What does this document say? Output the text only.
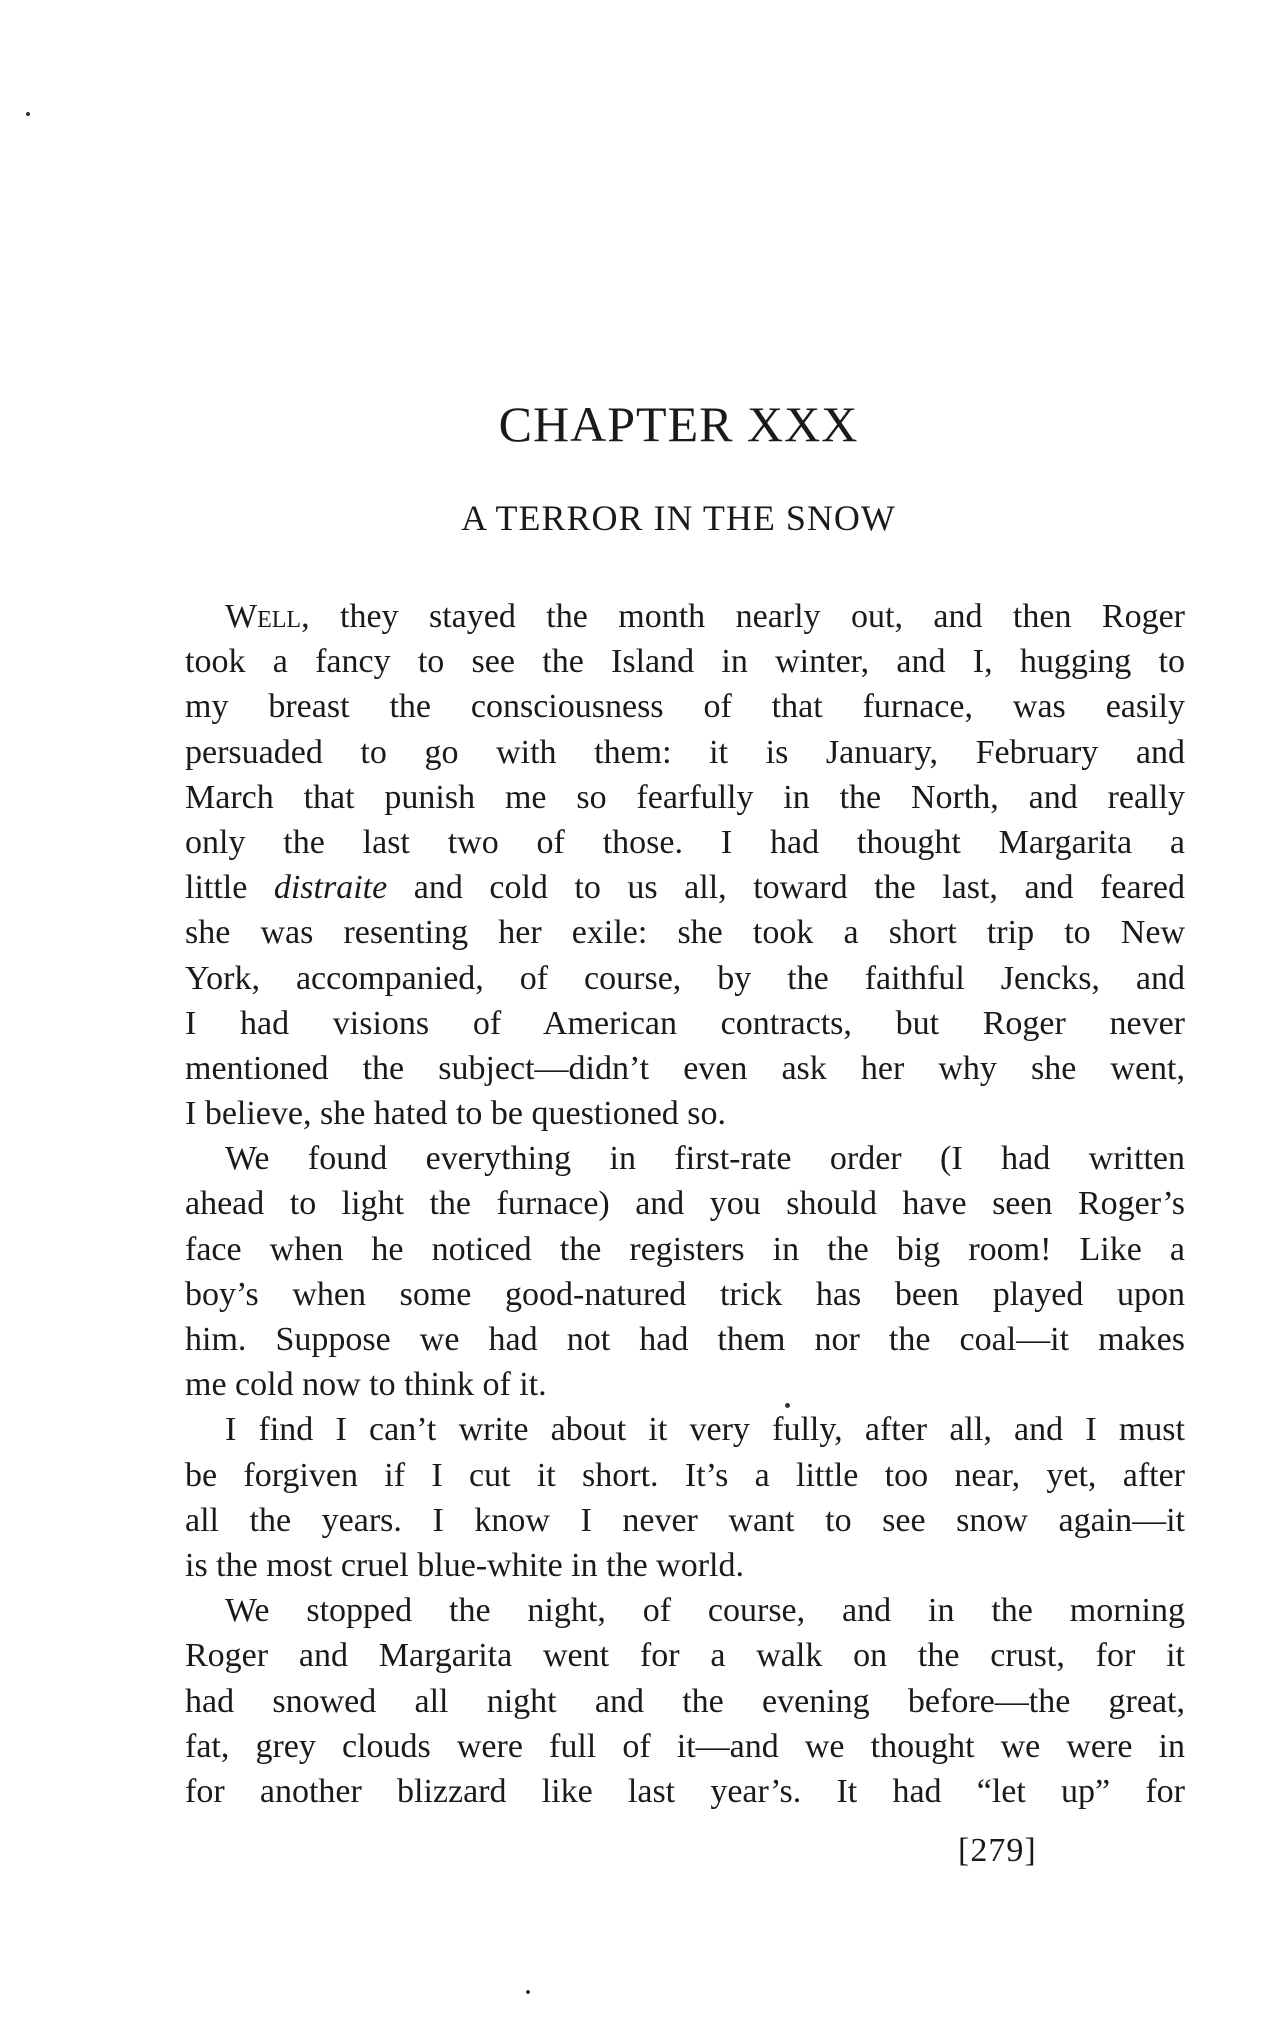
CHAPTER XXX
A TERROR IN THE SNOW
Well, they stayed the month nearly out, and then Roger
took a fancy to see the Island in winter, and I, hugging to
my breast the consciousness of that furnace, was easily
persuaded to go with them: it is January, February and
March that punish me so fearfully in the North, and really
only the last two of those. I had thought Margarita a
little distraite and cold to us all, toward the last, and feared
she was resenting her exile: she took a short trip to New
York, accompanied, of course, by the faithful Jencks, and
I had visions of American contracts, but Roger never
mentioned the subject—didn’t even ask her why she went,
I believe, she hated to be questioned so.
We found everything in first-rate order (I had written
ahead to light the furnace) and you should have seen Roger’s
face when he noticed the registers in the big room! Like a
boy’s when some good-natured trick has been played upon
him. Suppose we had not had them nor the coal—it makes
me cold now to think of it.
I find I can’t write about it very fully, after all, and I must
be forgiven if I cut it short. It’s a little too near, yet, after
all the years. I know I never want to see snow again—it
is the most cruel blue-white in the world.
We stopped the night, of course, and in the morning
Roger and Margarita went for a walk on the crust, for it
had snowed all night and the evening before—the great,
fat, grey clouds were full of it—and we thought we were in
for another blizzard like last year’s. It had “let up” for
[279]
